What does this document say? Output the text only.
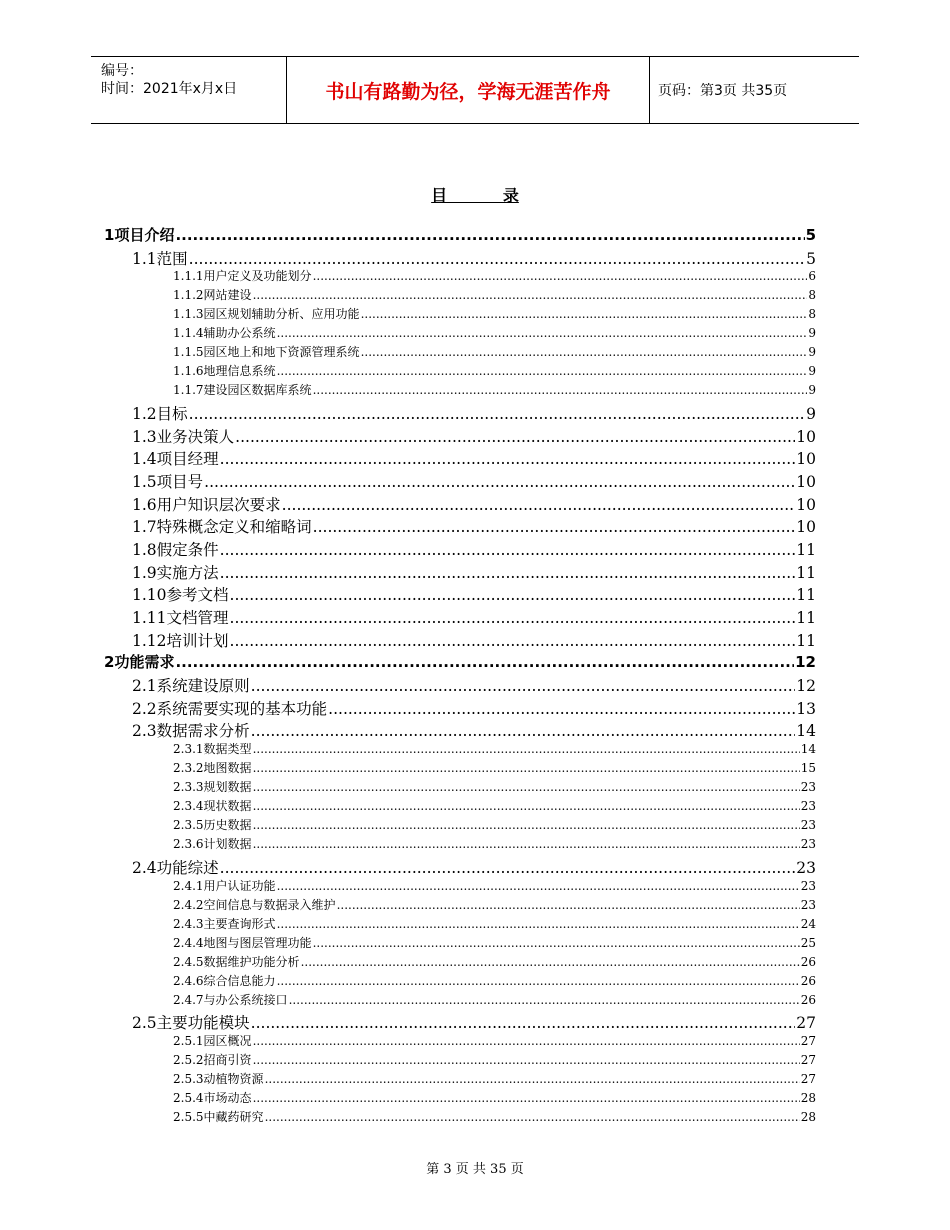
编号：
时间：2021年x月x日	书山有路勤为径，学海无涯苦作舟	页码：第3页 共35页
目          录
1 项目介绍 .....	5
1.1 范围 .....	5
1.1.1 用户定义及功能划分 .....	6
1.1.2 网站建设 .....	8
1.1.3 园区规划辅助分析、应用功能 .....	8
1.1.4 辅助办公系统 .....	9
1.1.5 园区地上和地下资源管理系统 .....	9
1.1.6 地理信息系统 .....	9
1.1.7 建设园区数据库系统 .....	9
1.2 目标 .....	9
1.3 业务决策人 .....	10
1.4 项目经理 .....	10
1.5 项目号 .....	10
1.6 用户知识层次要求 .....	10
1.7 特殊概念定义和缩略词 .....	10
1.8 假定条件 .....	11
1.9 实施方法 .....	11
1.10 参考文档 .....	11
1.11 文档管理 .....	11
1.12 培训计划 .....	11
2 功能需求 .....	12
2.1 系统建设原则 .....	12
2.2 系统需要实现的基本功能 .....	13
2.3 数据需求分析 .....	14
2.3.1 数据类型 .....	14
2.3.2 地图数据 .....	15
2.3.3 规划数据 .....	23
2.3.4 现状数据 .....	23
2.3.5 历史数据 .....	23
2.3.6 计划数据 .....	23
2.4 功能综述 .....	23
2.4.1 用户认证功能 .....	23
2.4.2 空间信息与数据录入维护 .....	23
2.4.3 主要查询形式 .....	24
2.4.4 地图与图层管理功能 .....	25
2.4.5 数据维护功能分析 .....	26
2.4.6 综合信息能力 .....	26
2.4.7 与办公系统接口 .....	26
2.5 主要功能模块 .....	27
2.5.1 园区概况 .....	27
2.5.2 招商引资 .....	27
2.5.3 动植物资源 .....	27
2.5.4 市场动态 .....	28
2.5.5 中藏药研究 .....	28
第 3 页 共 35 页
